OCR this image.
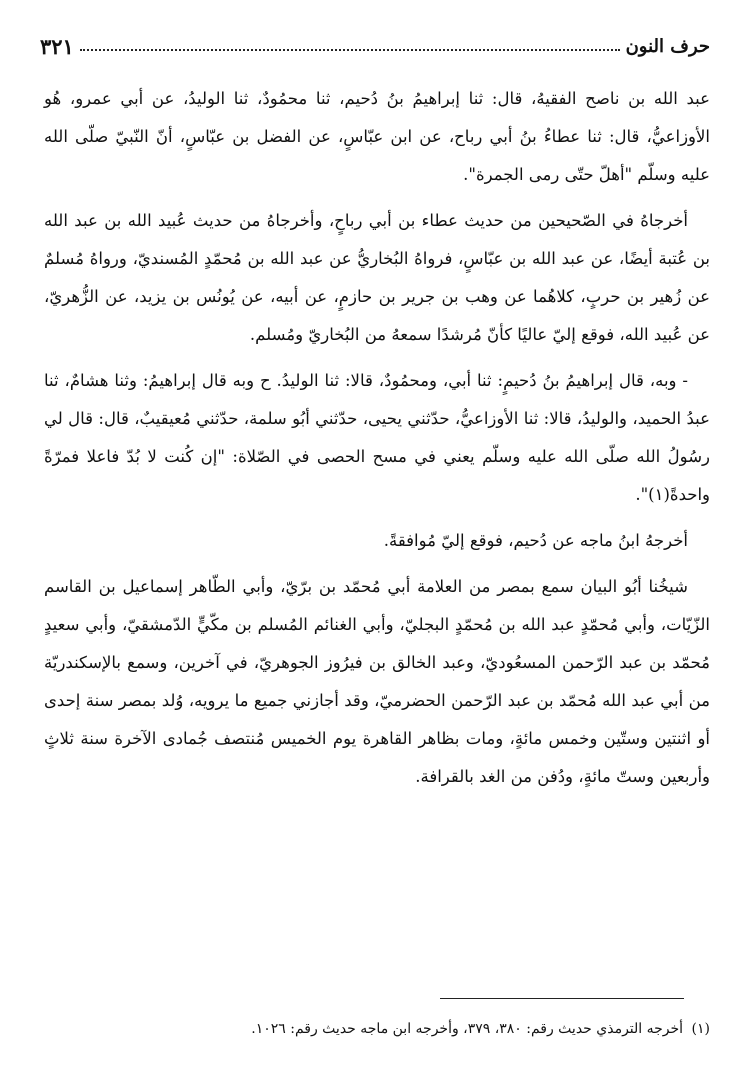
٣٢١	حرف النون

عبد الله بن ناصح الفقيهُ، قال: ثنا إبراهيمُ بنُ دُحيم، ثنا محمُودٌ، ثنا الوليدُ، عن أبي عمرو، هُو الأوزاعيُّ، قال: ثنا عطاءُ بنُ أبي رباح، عن ابن عبّاسٍ، عن الفضل بن عبّاسٍ، أنّ النّبيّ صلّى الله عليه وسلّم "أهلّ حتّى رمى الجمرة".

أخرجاهُ في الصّحيحين من حديث عطاء بن أبي رباحٍ، وأخرجاهُ من حديث عُبيد الله بن عبد الله بن عُتبة أيضًا، عن عبد الله بن عبّاسٍ، فرواهُ البُخاريُّ عن عبد الله بن مُحمّدٍ المُسنديّ، ورواهُ مُسلمٌ عن زُهير بن حربٍ، كلاهُما عن وهب بن جرير بن حازمٍ، عن أبيه، عن يُونُس بن يزيد، عن الزُّهريّ، عن عُبيد الله، فوقع إليّ عاليًا كأنّ مُرشدًا سمعهُ من البُخاريّ ومُسلم.

- وبه، قال إبراهيمُ بنُ دُحيمٍ: ثنا أبي، ومحمُودٌ، قالا: ثنا الوليدُ. ح وبه قال إبراهيمُ: وثنا هشامٌ، ثنا عبدُ الحميد، والوليدُ، قالا: ثنا الأوزاعيُّ، حدّثني يحيى، حدّثني أبُو سلمة، حدّثني مُعيقيبٌ، قال: قال لي رسُولُ الله صلّى الله عليه وسلّم يعني في مسح الحصى في الصّلاة: "إن كُنت لا بُدّ فاعلا فمرّةً واحدةً(١)".

أخرجهُ ابنُ ماجه عن دُحيم، فوقع إليّ مُوافقةً.

شيخُنا أبُو البيان سمع بمصر من العلامة أبي مُحمّد بن برّيّ، وأبي الطّاهر إسماعيل بن القاسم الزّيّات، وأبي مُحمّدٍ عبد الله بن مُحمّدٍ البجليّ، وأبي الغنائم المُسلم بن مكّيٍّ الدّمشقيّ، وأبي سعيدٍ مُحمّد بن عبد الرّحمن المسعُوديّ، وعبد الخالق بن فيرُوز الجوهريّ، في آخرين، وسمع بالإسكندريّة من أبي عبد الله مُحمّد بن عبد الرّحمن الحضرميّ، وقد أجازني جميع ما يرويه، وُلد بمصر سنة إحدى أو اثنتين وستّين وخمس مائةٍ، ومات بظاهر القاهرة يوم الخميس مُنتصف جُمادى الآخرة سنة ثلاثٍ وأربعين وستّ مائةٍ، ودُفن من الغد بالقرافة.

(١) أخرجه الترمذي حديث رقم: ٣٨٠، ٣٧٩، وأخرجه ابن ماجه حديث رقم: ١٠٢٦.
